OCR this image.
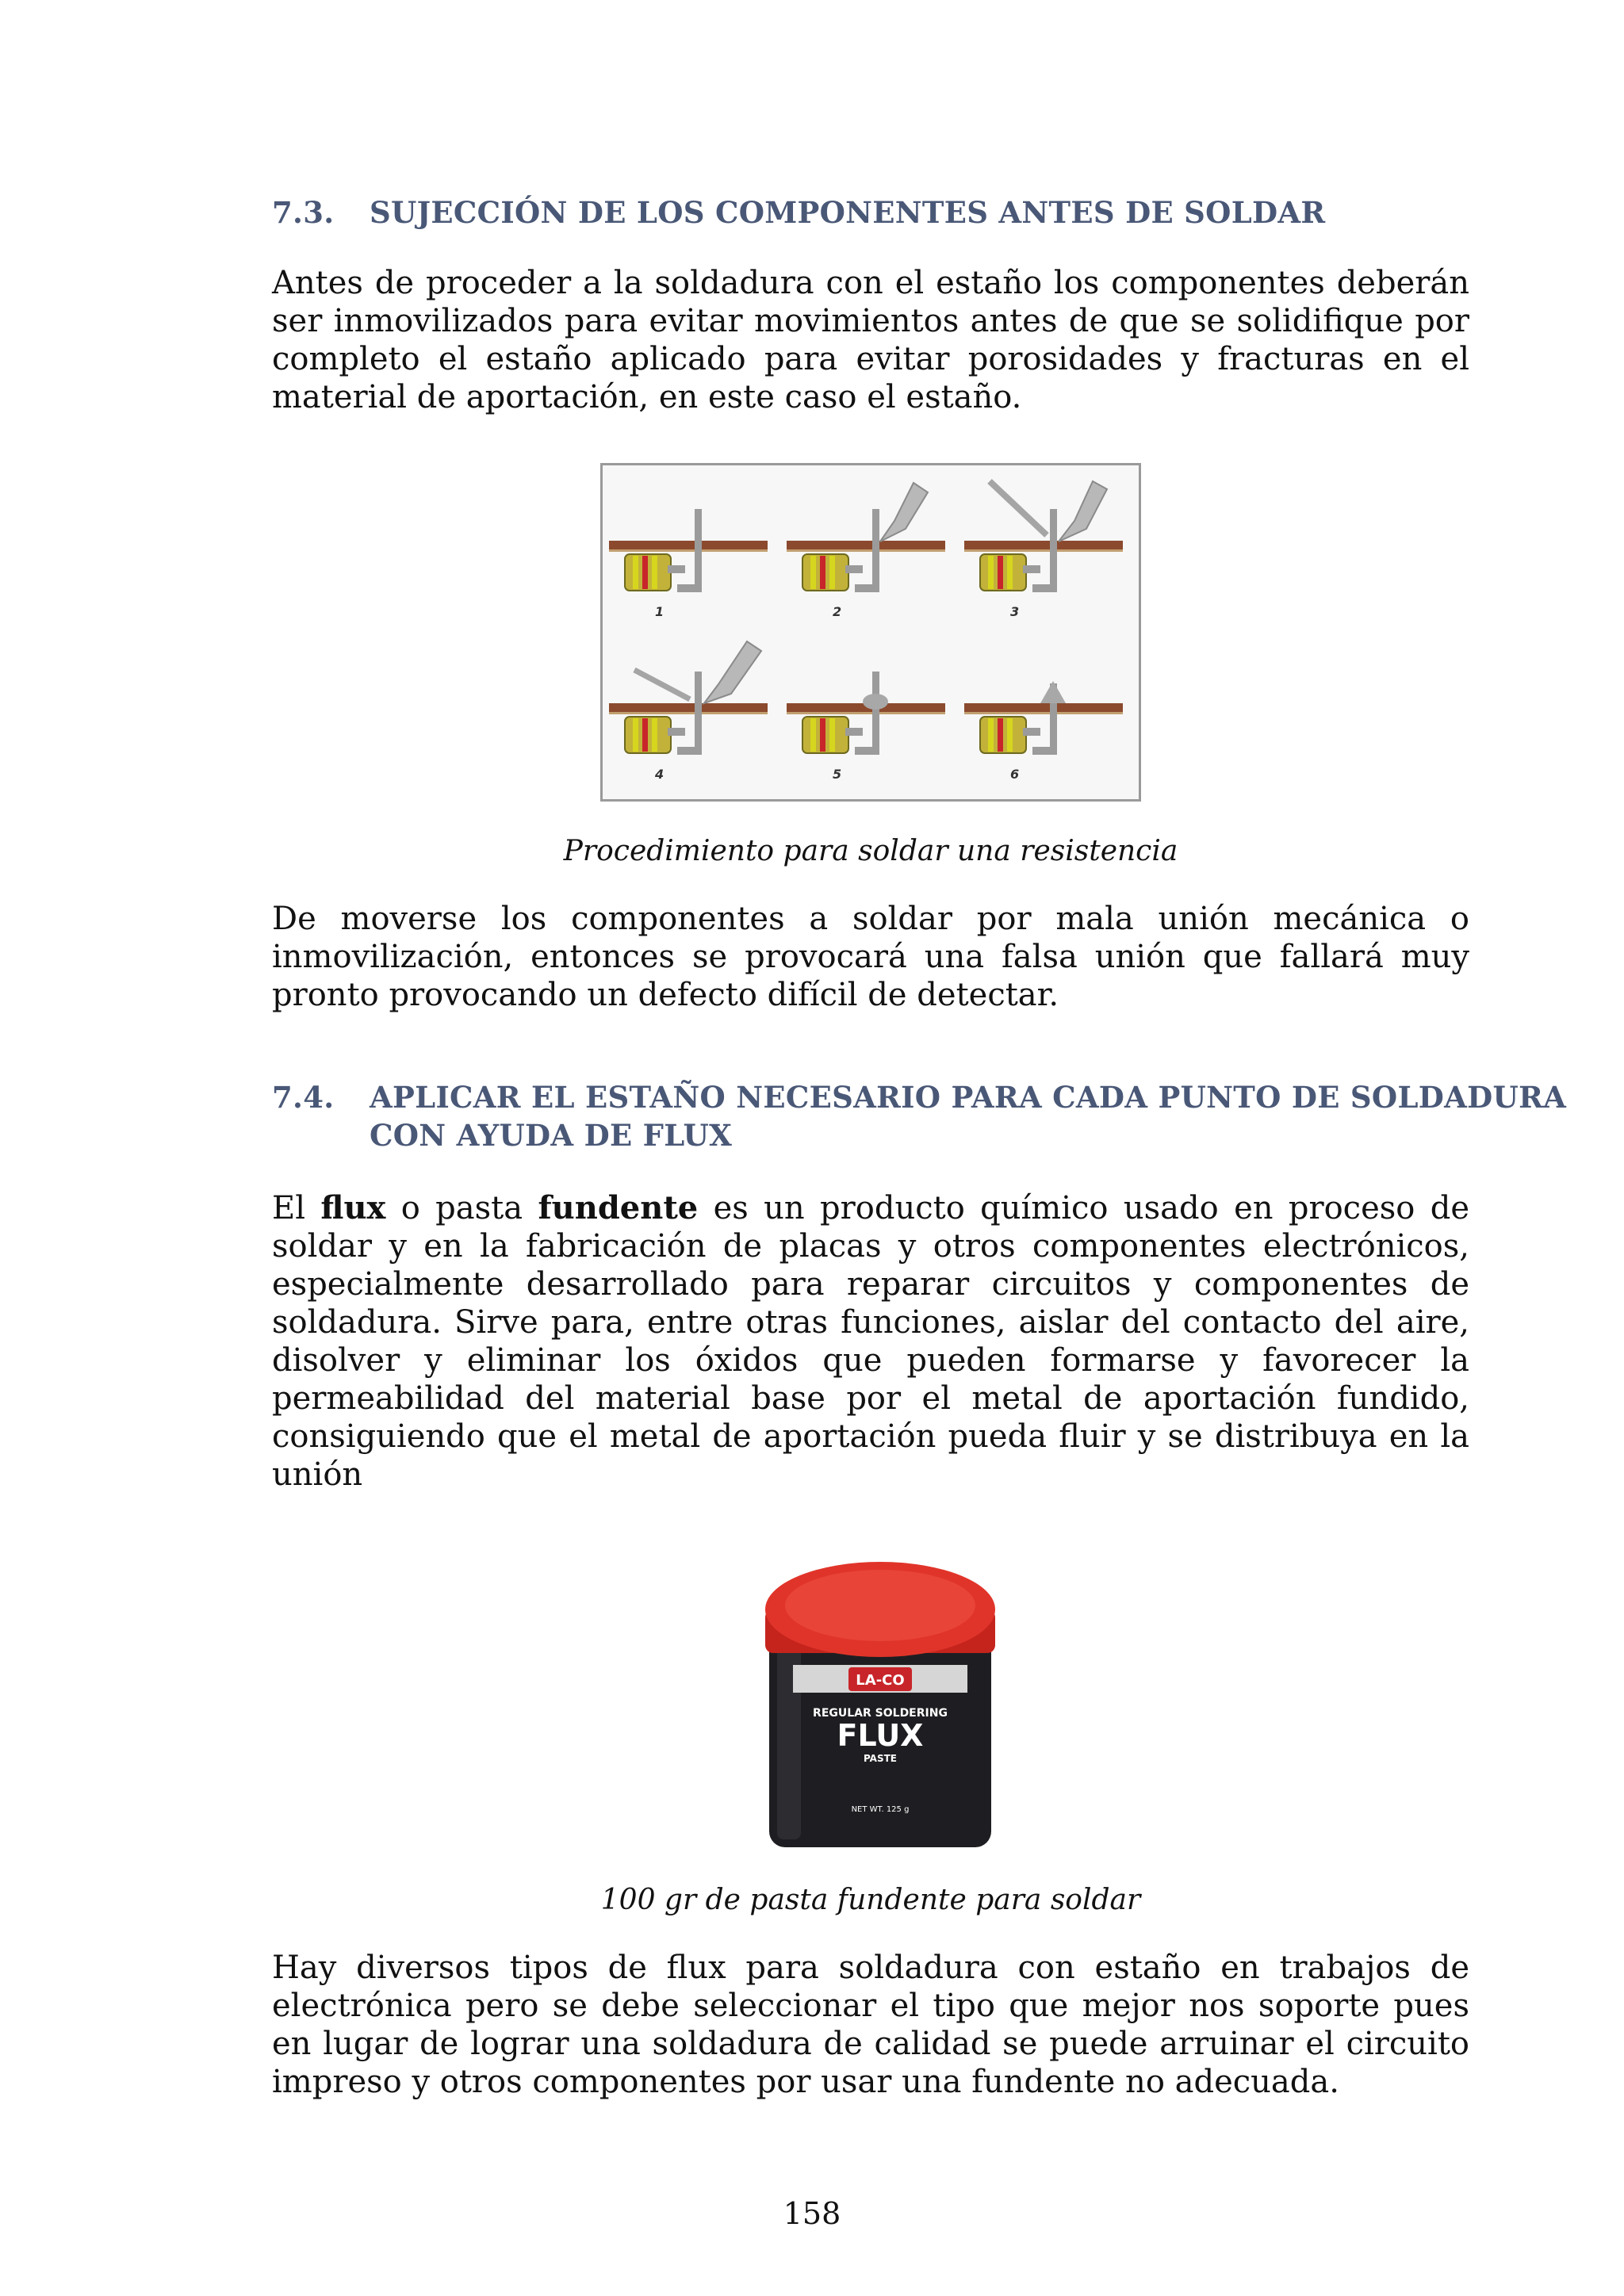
7.3. SUJECCIÓN DE LOS COMPONENTES ANTES DE SOLDAR
Antes de proceder a la soldadura con el estaño los componentes deberán ser inmovilizados para evitar movimientos antes de que se solidifique por completo el estaño aplicado para evitar porosidades y fracturas en el material de aportación, en este caso el estaño.
1	2	3
4	5	6
Procedimiento para soldar una resistencia
De moverse los componentes a soldar por mala unión mecánica o inmovilización, entonces se provocará una falsa unión que fallará muy pronto provocando un defecto difícil de detectar.
7.4. APLICAR EL ESTAÑO NECESARIO PARA CADA PUNTO DE SOLDADURA CON AYUDA DE FLUX
El flux o pasta fundente es un producto químico usado en proceso de soldar y en la fabricación de placas y otros componentes electrónicos, especialmente desarrollado para reparar circuitos y componentes de soldadura. Sirve para, entre otras funciones, aislar del contacto del aire, disolver y eliminar los óxidos que pueden formarse y favorecer la permeabilidad del material base por el metal de aportación fundido, consiguiendo que el metal de aportación pueda fluir y se distribuya en la unión
LA-CO
REGULAR SOLDERING
FLUX
PASTE
NET WT. 125 g
100 gr de pasta fundente para soldar
Hay diversos tipos de flux para soldadura con estaño en trabajos de electrónica pero se debe seleccionar el tipo que mejor nos soporte pues en lugar de lograr una soldadura de calidad se puede arruinar el circuito impreso y otros componentes por usar una fundente no adecuada.
158
